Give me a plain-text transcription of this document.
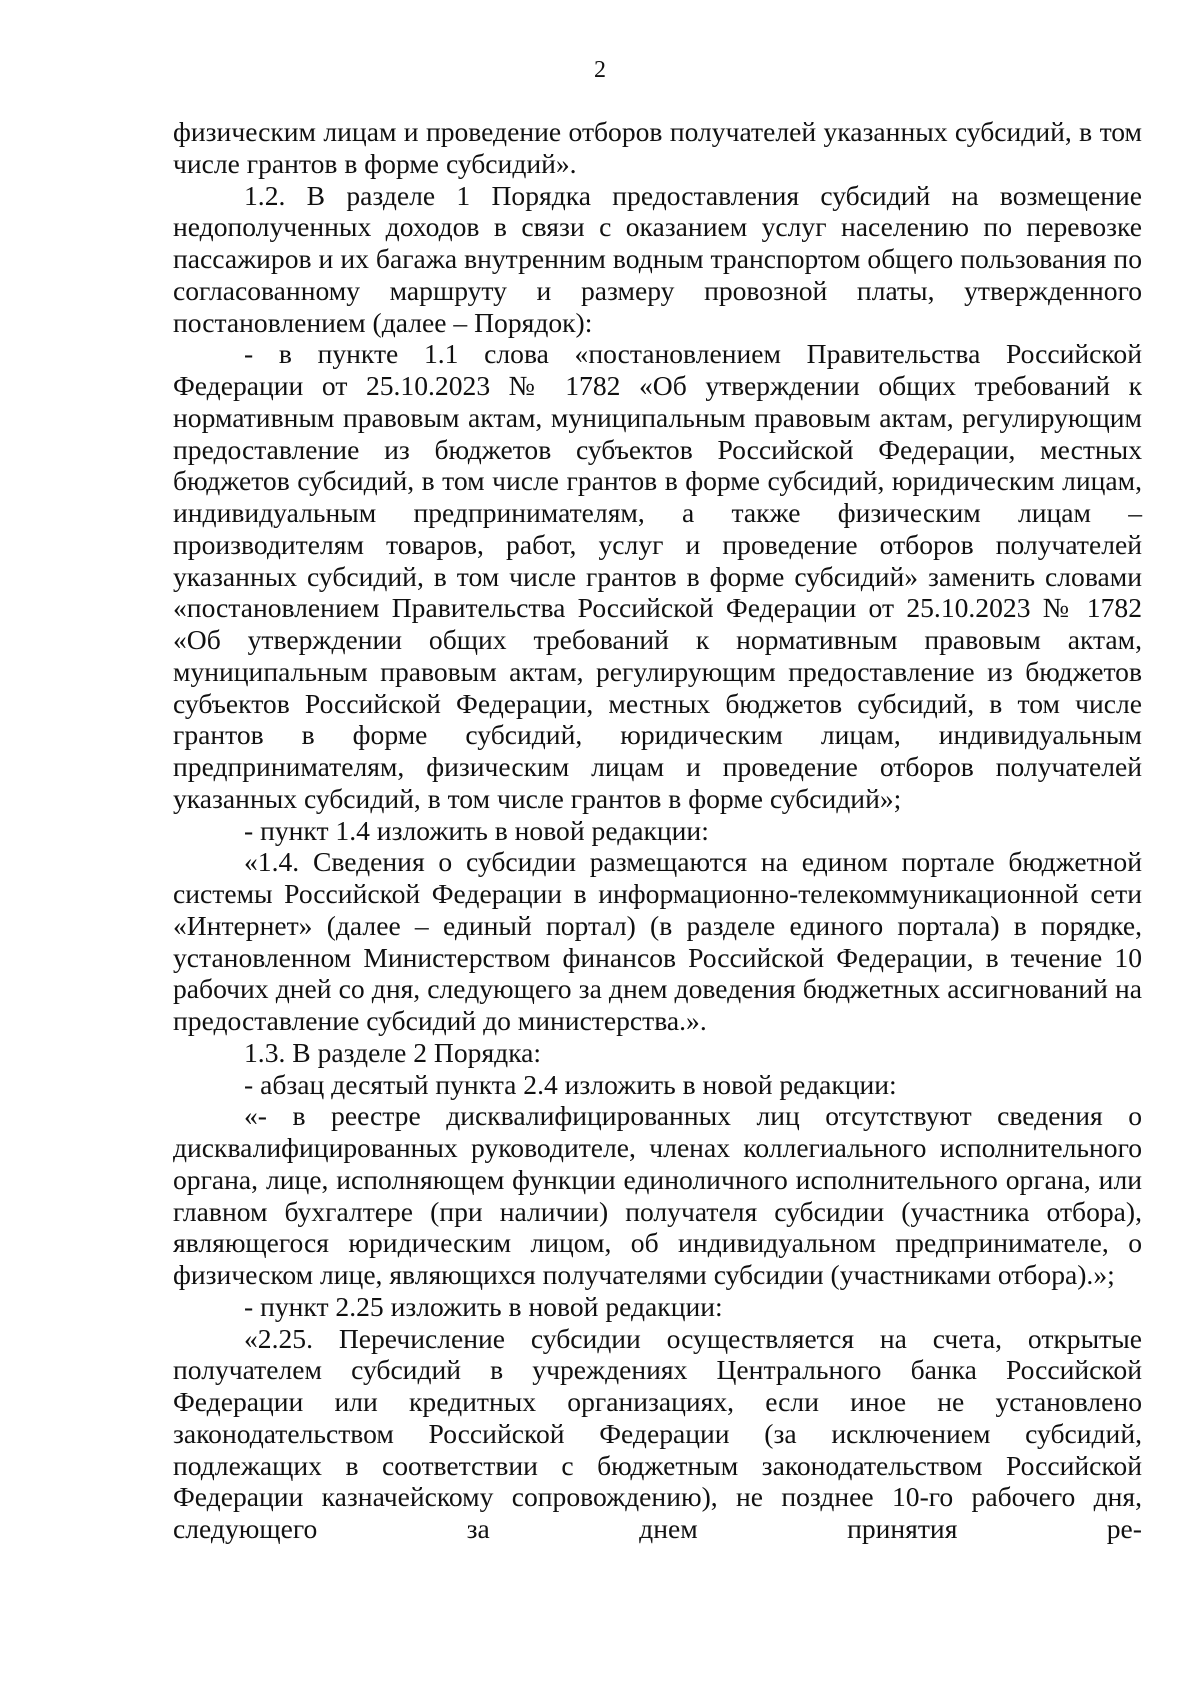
2

физическим лицам и проведение отборов получателей указанных субсидий, в том числе грантов в форме субсидий».

1.2. В разделе 1 Порядка предоставления субсидий на возмещение недополученных доходов в связи с оказанием услуг населению по перевозке пассажиров и их багажа внутренним водным транспортом общего пользования по согласованному маршруту и размеру провозной платы, утвержденного постановлением (далее – Порядок):

- в пункте 1.1 слова «постановлением Правительства Российской Федерации от 25.10.2023 № 1782 «Об утверждении общих требований к нормативным правовым актам, муниципальным правовым актам, регулирующим предоставление из бюджетов субъектов Российской Федерации, местных бюджетов субсидий, в том числе грантов в форме субсидий, юридическим лицам, индивидуальным предпринимателям, а также физическим лицам – производителям товаров, работ, услуг и проведение отборов получателей указанных субсидий, в том числе грантов в форме субсидий» заменить словами «постановлением Правительства Российской Федерации от 25.10.2023 № 1782 «Об утверждении общих требований к нормативным правовым актам, муниципальным правовым актам, регулирующим предоставление из бюджетов субъектов Российской Федерации, местных бюджетов субсидий, в том числе грантов в форме субсидий, юридическим лицам, индивидуальным предпринимателям, физическим лицам и проведение отборов получателей указанных субсидий, в том числе грантов в форме субсидий»;

- пункт 1.4 изложить в новой редакции:

«1.4. Сведения о субсидии размещаются на едином портале бюджетной системы Российской Федерации в информационно-телекоммуникационной сети «Интернет» (далее – единый портал) (в разделе единого портала) в порядке, установленном Министерством финансов Российской Федерации, в течение 10 рабочих дней со дня, следующего за днем доведения бюджетных ассигнований на предоставление субсидий до министерства.».

1.3. В разделе 2 Порядка:

- абзац десятый пункта 2.4 изложить в новой редакции:

«- в реестре дисквалифицированных лиц отсутствуют сведения о дисквалифицированных руководителе, членах коллегиального исполнительного органа, лице, исполняющем функции единоличного исполнительного органа, или главном бухгалтере (при наличии) получателя субсидии (участника отбора), являющегося юридическим лицом, об индивидуальном предпринимателе, о физическом лице, являющихся получателями субсидии (участниками отбора).»;

- пункт 2.25 изложить в новой редакции:

«2.25. Перечисление субсидии осуществляется на счета, открытые получателем субсидий в учреждениях Центрального банка Российской Федерации или кредитных организациях, если иное не установлено законодательством Российской Федерации (за исключением субсидий, подлежащих в соответствии с бюджетным законодательством Российской Федерации казначейскому сопровождению), не позднее 10-го рабочего дня, следующего за днем принятия ре-
